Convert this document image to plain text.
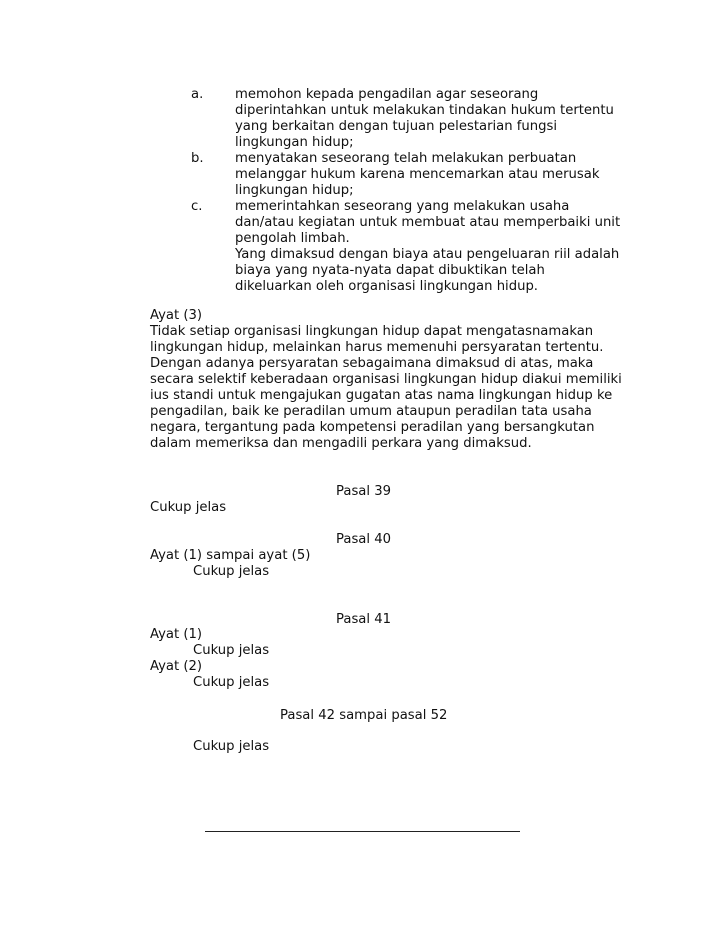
a. memohon kepada pengadilan agar seseorang
diperintahkan untuk melakukan tindakan hukum tertentu
yang berkaitan dengan tujuan pelestarian fungsi
lingkungan hidup;
b. menyatakan seseorang telah melakukan perbuatan
melanggar hukum karena mencemarkan atau merusak
lingkungan hidup;
c. memerintahkan seseorang yang melakukan usaha
dan/atau kegiatan untuk membuat atau memperbaiki unit
pengolah limbah.
Yang dimaksud dengan biaya atau pengeluaran riil adalah
biaya yang nyata-nyata dapat dibuktikan telah
dikeluarkan oleh organisasi lingkungan hidup.
Ayat (3)
Tidak setiap organisasi lingkungan hidup dapat mengatasnamakan
lingkungan hidup, melainkan harus memenuhi persyaratan tertentu.
Dengan adanya persyaratan sebagaimana dimaksud di atas, maka
secara selektif keberadaan organisasi lingkungan hidup diakui memiliki
ius standi untuk mengajukan gugatan atas nama lingkungan hidup ke
pengadilan, baik ke peradilan umum ataupun peradilan tata usaha
negara, tergantung pada kompetensi peradilan yang bersangkutan
dalam memeriksa dan mengadili perkara yang dimaksud.
Pasal 39
Cukup jelas
Pasal 40
Ayat (1) sampai ayat (5)
Cukup jelas
Pasal 41
Ayat (1)
Cukup jelas
Ayat (2)
Cukup jelas
Pasal 42 sampai pasal 52
Cukup jelas
